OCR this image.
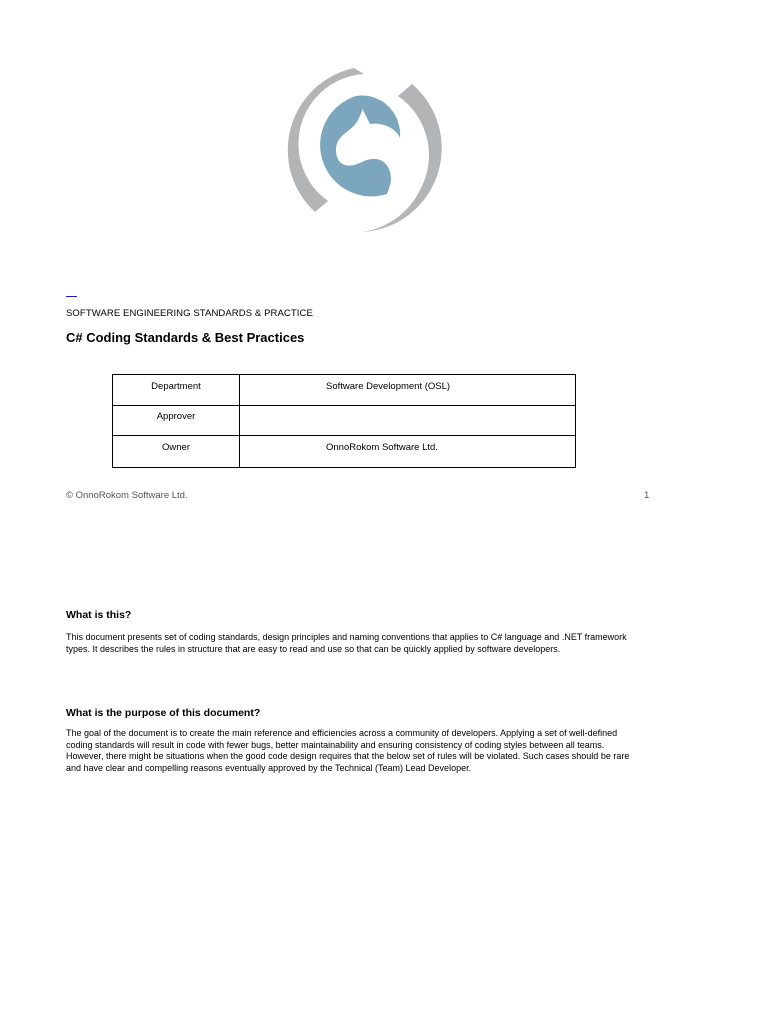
SOFTWARE ENGINEERING STANDARDS & PRACTICE

C# Coding Standards & Best Practices
Department	Software Development (OSL)
Approver	
Owner	OnnoRokom Software Ltd.
© OnnoRokom Software Ltd.	1
What is this?
This document presents set of coding standards, design principles and naming conventions that applies to C# language and .NET framework
types. It describes the rules in structure that are easy to read and use so that can be quickly applied by software developers.
What is the purpose of this document?
The goal of the document is to create the main reference and efficiencies across a community of developers. Applying a set of well-defined
coding standards will result in code with fewer bugs, better maintainability and ensuring consistency of coding styles between all teams.
However, there might be situations when the good code design requires that the below set of rules will be violated. Such cases should be rare
and have clear and compelling reasons eventually approved by the Technical (Team) Lead Developer.
